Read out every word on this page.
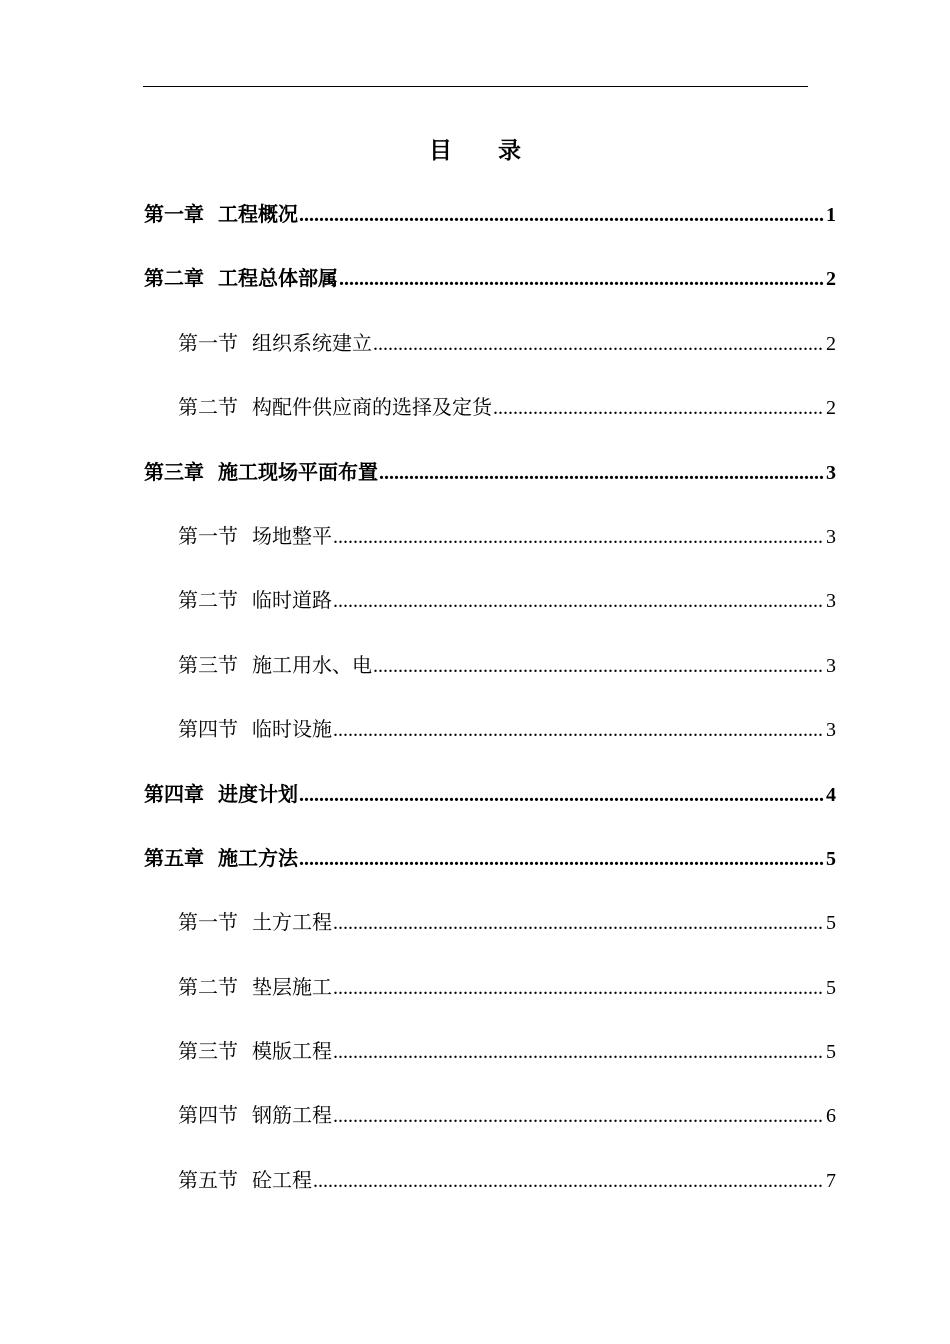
目 录
第一章 工程概况 .....	1
第二章 工程总体部属 .....	2
第一节 组织系统建立 .....	2
第二节 构配件供应商的选择及定货 .....	2
第三章 施工现场平面布置 .....	3
第一节 场地整平 .....	3
第二节 临时道路 .....	3
第三节 施工用水、电 .....	3
第四节 临时设施 .....	3
第四章 进度计划 .....	4
第五章 施工方法 .....	5
第一节 土方工程 .....	5
第二节 垫层施工 .....	5
第三节 模版工程 .....	5
第四节 钢筋工程 .....	6
第五节 砼工程 .....	7
